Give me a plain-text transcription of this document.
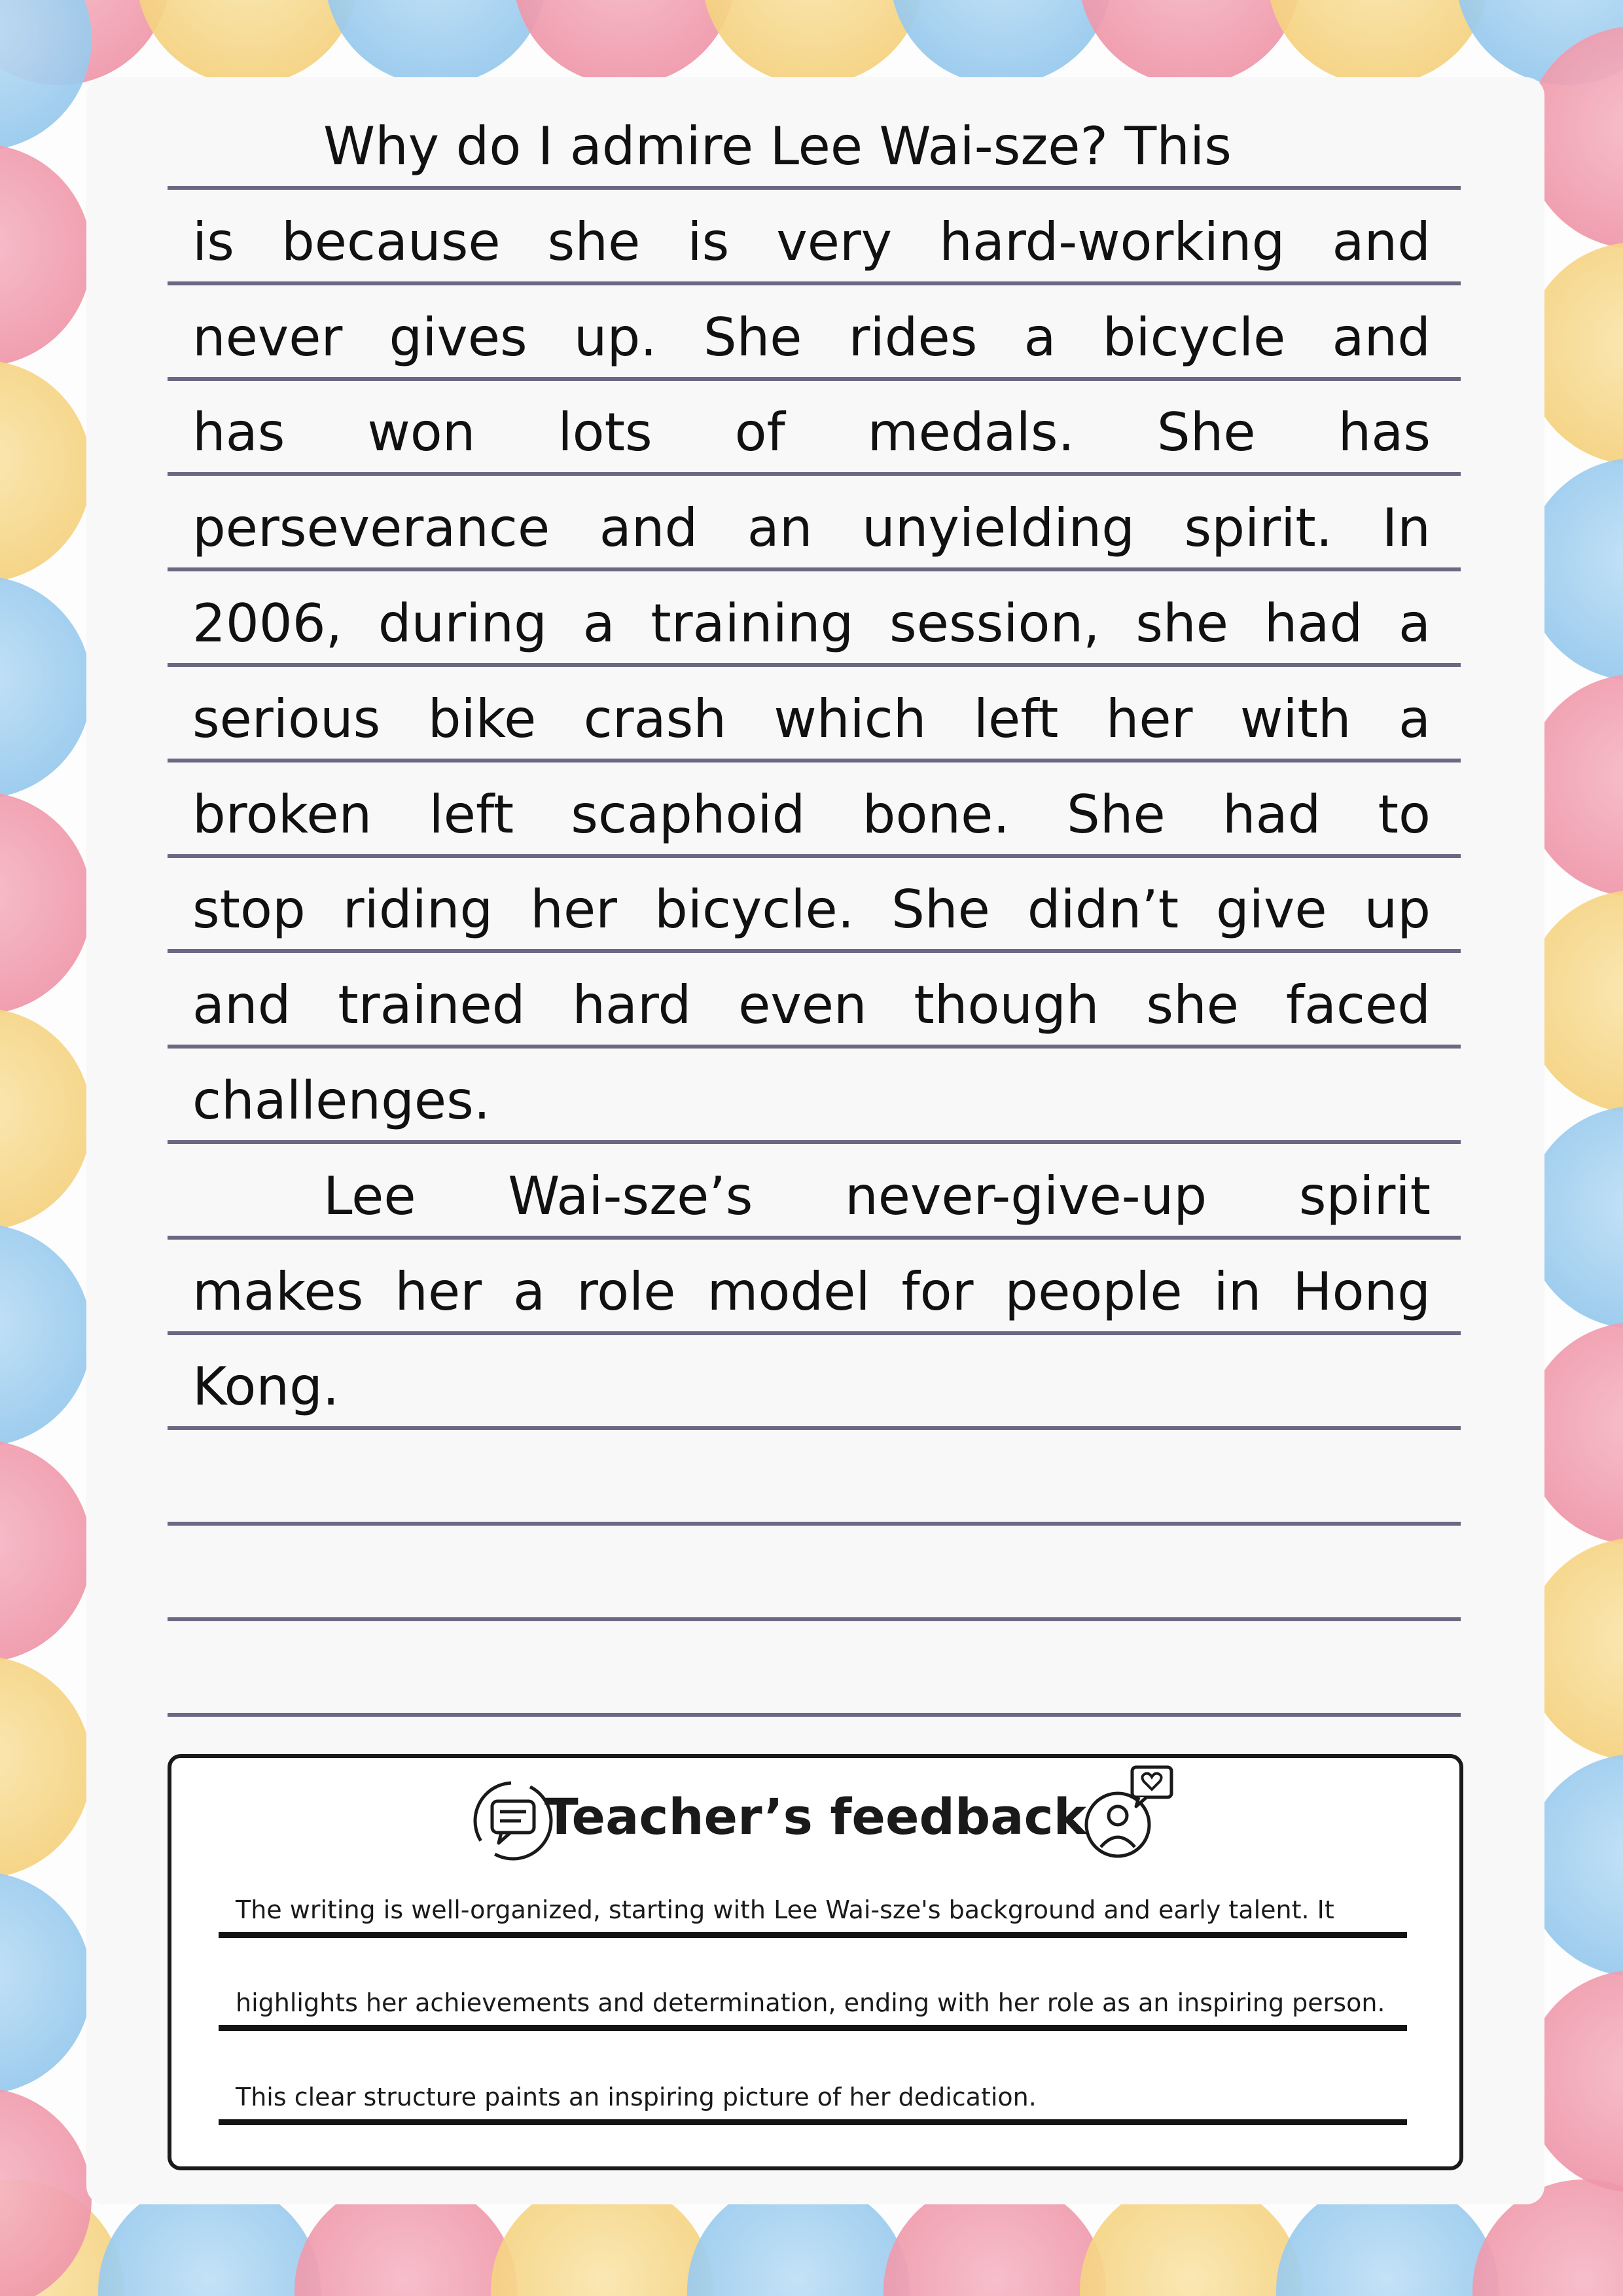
Why do I admire Lee Wai-sze? This
is because she is very hard-working and
never gives up. She rides a bicycle and
has won lots of medals. She has
perseverance and an unyielding spirit. In
2006, during a training session, she had a
serious bike crash which left her with a
broken left scaphoid bone. She had to
stop riding her bicycle. She didn’t give up
and trained hard even though she faced
challenges.
Lee Wai-sze’s never-give-up spirit
makes her a role model for people in Hong
Kong.
Teacher’s feedback
The writing is well-organized, starting with Lee Wai-sze's background and early talent. It
highlights her achievements and determination, ending with her role as an inspiring person.
This clear structure paints an inspiring picture of her dedication.
